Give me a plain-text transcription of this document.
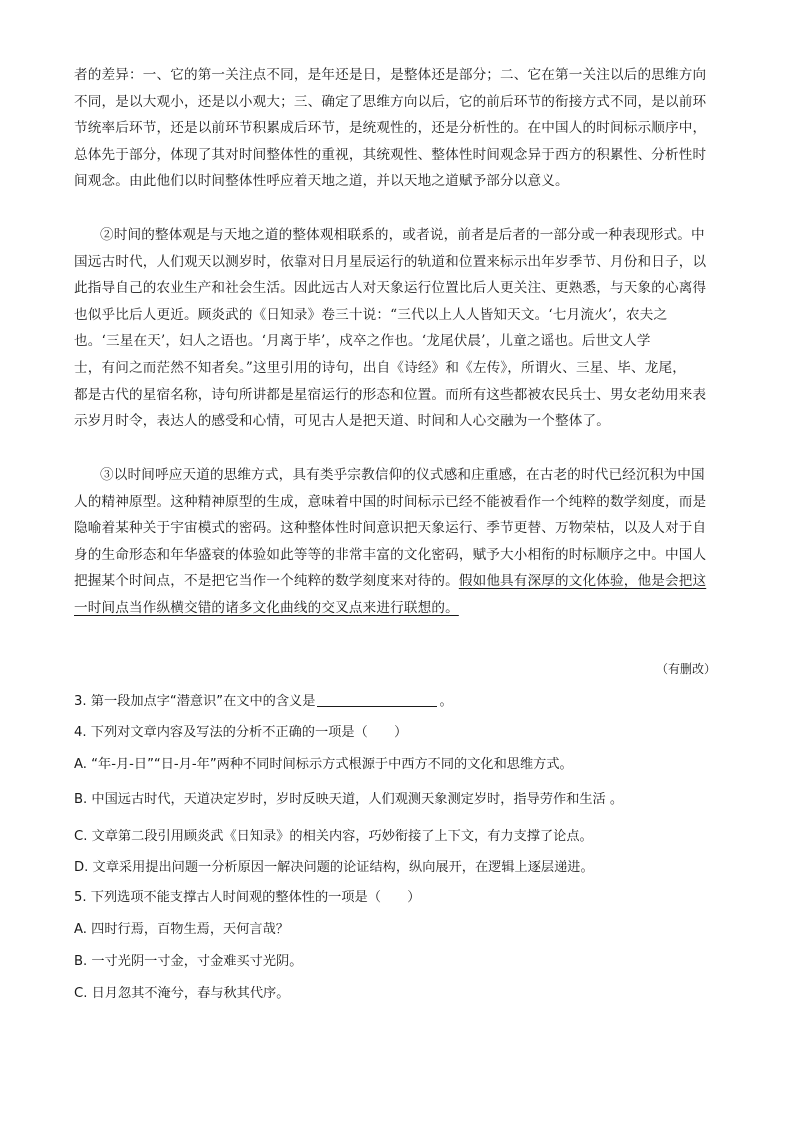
者的差异：一、它的第一关注点不同，是年还是日，是整体还是部分；二、它在第一关注以后的思维方向
不同，是以大观小，还是以小观大；三、确定了思维方向以后，它的前后环节的衔接方式不同，是以前环
节统率后环节，还是以前环节积累成后环节，是统观性的，还是分析性的。在中国人的时间标示顺序中，
总体先于部分，体现了其对时间整体性的重视，其统观性、整体性时间观念异于西方的积累性、分析性时
间观念。由此他们以时间整体性呼应着天地之道，并以天地之道赋予部分以意义。
②时间的整体观是与天地之道的整体观相联系的，或者说，前者是后者的一部分或一种表现形式。中
国远古时代，人们观天以测岁时，依靠对日月星辰运行的轨道和位置来标示出年岁季节、月份和日子，以
此指导自己的农业生产和社会生活。因此远古人对天象运行位置比后人更关注、更熟悉，与天象的心离得
也似乎比后人更近。顾炎武的《日知录》卷三十说：“三代以上人人皆知天文。‘七月流火’，农夫之
也。‘三星在天’，妇人之语也。‘月离于毕’，戍卒之作也。‘龙尾伏晨’，儿童之谣也。后世文人学
士，有问之而茫然不知者矣。”这里引用的诗句，出自《诗经》和《左传》，所谓火、三星、毕、龙尾，
都是古代的星宿名称，诗句所讲都是星宿运行的形态和位置。而所有这些都被农民兵士、男女老幼用来表
示岁月时令，表达人的感受和心情，可见古人是把天道、时间和人心交融为一个整体了。
③以时间呼应天道的思维方式，具有类乎宗教信仰的仪式感和庄重感，在古老的时代已经沉积为中国
人的精神原型。这种精神原型的生成，意味着中国的时间标示已经不能被看作一个纯粹的数学刻度，而是
隐喻着某种关于宇宙模式的密码。这种整体性时间意识把天象运行、季节更替、万物荣枯，以及人对于自
身的生命形态和年华盛衰的体验如此等等的非常丰富的文化密码，赋予大小相衔的时标顺序之中。中国人
把握某个时间点，不是把它当作一个纯粹的数学刻度来对待的。假如他具有深厚的文化体验，他是会把这
一时间点当作纵横交错的诸多文化曲线的交叉点来进行联想的。
（有删改）
3. 第一段加点字“潜意识”在文中的含义是	。
4. 下列对文章内容及写法的分析不正确的一项是（　　）
A. “年-月-日”“日-月-年”两种不同时间标示方式根源于中西方不同的文化和思维方式。
B. 中国远古时代，天道决定岁时，岁时反映天道，人们观测天象测定岁时，指导劳作和生活 。
C. 文章第二段引用顾炎武《日知录》的相关内容，巧妙衔接了上下文，有力支撑了论点。
D. 文章采用提出问题一分析原因一解决问题的论证结构，纵向展开，在逻辑上逐层递进。
5. 下列选项不能支撑古人时间观的整体性的一项是（　　）
A. 四时行焉，百物生焉，天何言哉？
B. 一寸光阴一寸金，寸金难买寸光阴。
C. 日月忽其不淹兮，春与秋其代序。
